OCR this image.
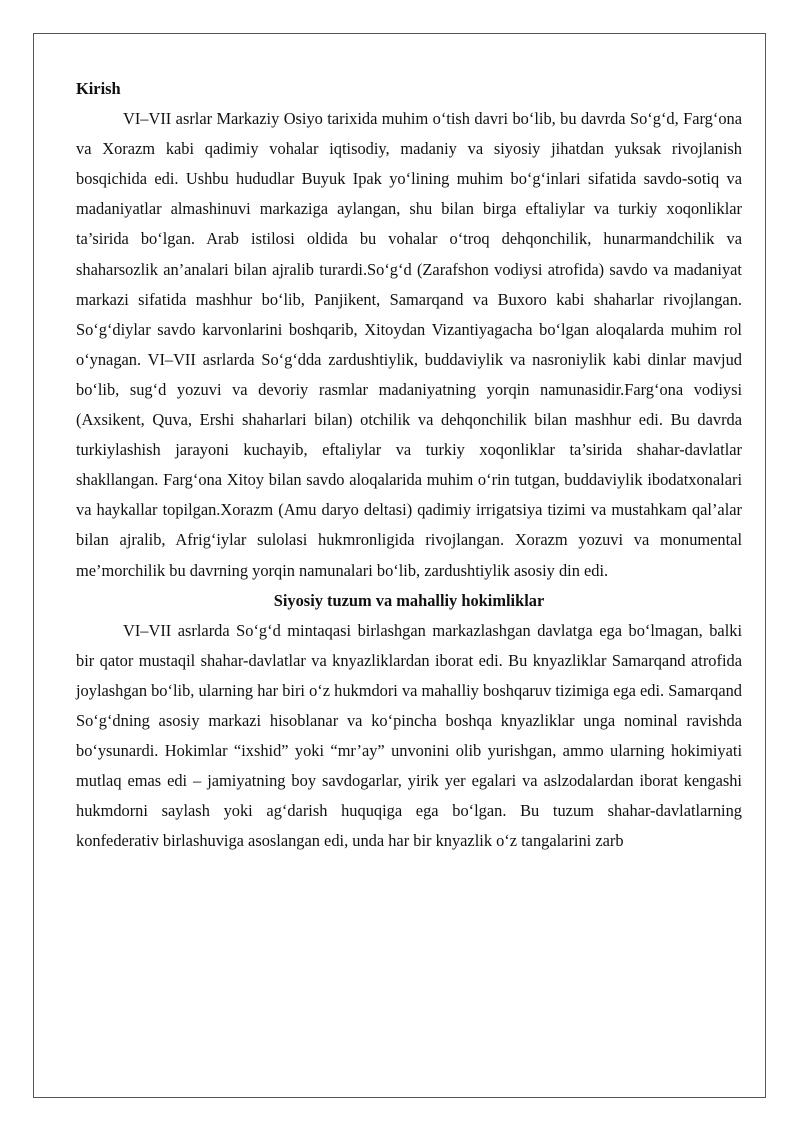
Kirish

VI–VII asrlar Markaziy Osiyo tarixida muhim o‘tish davri bo‘lib, bu davrda So‘g‘d, Farg‘ona va Xorazm kabi qadimiy vohalar iqtisodiy, madaniy va siyosiy jihatdan yuksak rivojlanish bosqichida edi. Ushbu hududlar Buyuk Ipak yo‘lining muhim bo‘g‘inlari sifatida savdo-sotiq va madaniyatlar almashinuvi markaziga aylangan, shu bilan birga eftaliylar va turkiy xoqonliklar ta’sirida bo‘lgan. Arab istilosi oldida bu vohalar o‘troq dehqonchilik, hunarmandchilik va shaharsozlik an’analari bilan ajralib turardi.So‘g‘d (Zarafshon vodiysi atrofida) savdo va madaniyat markazi sifatida mashhur bo‘lib, Panjikent, Samarqand va Buxoro kabi shaharlar rivojlangan. So‘g‘diylar savdo karvonlarini boshqarib, Xitoydan Vizantiyagacha bo‘lgan aloqalarda muhim rol o‘ynagan. VI–VII asrlarda So‘g‘dda zardushtiylik, buddaviylik va nasroniylik kabi dinlar mavjud bo‘lib, sug‘d yozuvi va devoriy rasmlar madaniyatning yorqin namunasidir.Farg‘ona vodiysi (Axsikent, Quva, Ershi shaharlari bilan) otchilik va dehqonchilik bilan mashhur edi. Bu davrda turkiylashish jarayoni kuchayib, eftaliylar va turkiy xoqonliklar ta’sirida shahar-davlatlar shakllangan. Farg‘ona Xitoy bilan savdo aloqalarida muhim o‘rin tutgan, buddaviylik ibodatxonalari va haykallar topilgan.Xorazm (Amu daryo deltasi) qadimiy irrigatsiya tizimi va mustahkam qal’alar bilan ajralib, Afrig‘iylar sulolasi hukmronligida rivojlangan. Xorazm yozuvi va monumental me’morchilik bu davrning yorqin namunalari bo‘lib, zardushtiylik asosiy din edi.

Siyosiy tuzum va mahalliy hokimliklar

VI–VII asrlarda So‘g‘d mintaqasi birlashgan markazlashgan davlatga ega bo‘lmagan, balki bir qator mustaqil shahar-davlatlar va knyazliklardan iborat edi. Bu knyazliklar Samarqand atrofida joylashgan bo‘lib, ularning har biri o‘z hukmdori va mahalliy boshqaruv tizimiga ega edi. Samarqand So‘g‘dning asosiy markazi hisoblanar va ko‘pincha boshqa knyazliklar unga nominal ravishda bo‘ysunardi. Hokimlar “ixshid” yoki “mr’ay” unvonini olib yurishgan, ammo ularning hokimiyati mutlaq emas edi – jamiyatning boy savdogarlar, yirik yer egalari va aslzodalardan iborat kengashi hukmdorni saylash yoki ag‘darish huquqiga ega bo‘lgan. Bu tuzum shahar-davlatlarning konfederativ birlashuviga asoslangan edi, unda har bir knyazlik o‘z tangalarini zarb
